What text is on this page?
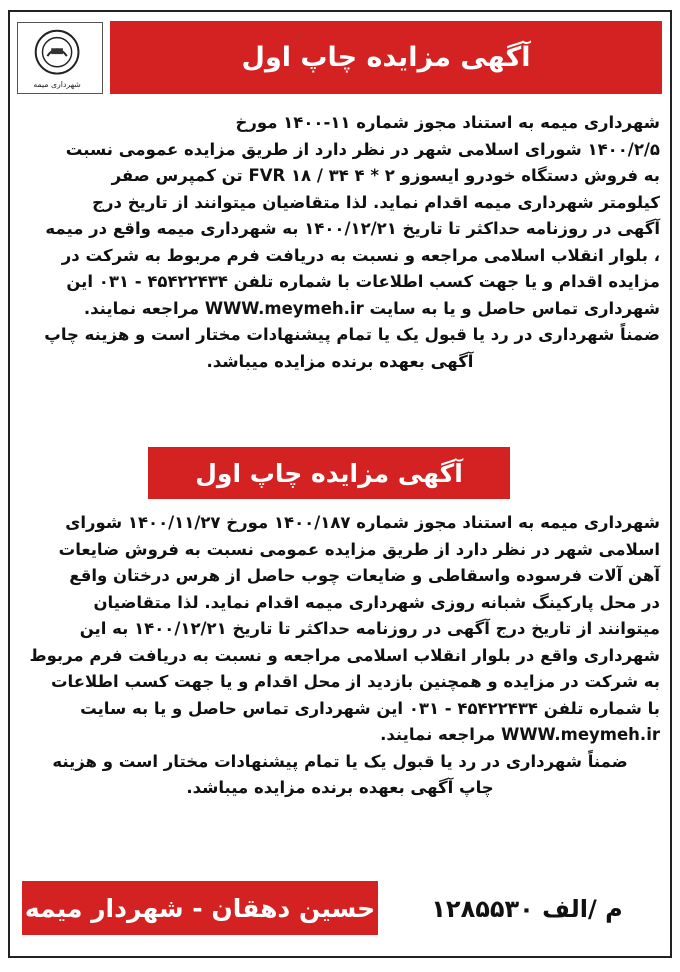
شهرداری میمه
آگهی مزایده چاپ اول
شهرداری میمه به استناد مجوز شماره ۱۱-۱۴۰۰ مورخ
۱۴۰۰/۲/۵ شورای اسلامی شهر در نظر دارد از طریق مزایده عمومی نسبت
به فروش دستگاه خودرو ایسوزو ۲ * ۴ ۳۴ / FVR ۱۸ تن کمپرس صفر
کیلومتر شهرداری میمه اقدام نماید. لذا متقاضیان میتوانند از تاریخ درج
آگهی در روزنامه حداکثر تا تاریخ ۱۴۰۰/۱۲/۲۱ به شهرداری میمه واقع در میمه
، بلوار انقلاب اسلامی مراجعه و نسبت به دریافت فرم مربوط به شرکت در
مزایده اقدام و یا جهت کسب اطلاعات با شماره تلفن ۴۵۴۲۲۴۳۴ - ۰۳۱ این
شهرداری تماس حاصل و یا به سایت WWW.meymeh.ir مراجعه نمایند.
ضمناً شهرداری در رد یا قبول یک یا تمام پیشنهادات مختار است و هزینه چاپ
آگهی بعهده برنده مزایده میباشد.
آگهی مزایده چاپ اول
شهرداری میمه به استناد مجوز شماره ۱۴۰۰/۱۸۷ مورخ ۱۴۰۰/۱۱/۲۷ شورای
اسلامی شهر در نظر دارد از طریق مزایده عمومی نسبت به فروش ضایعات
آهن آلات فرسوده واسقاطی و ضایعات چوب حاصل از هرس درختان واقع
در محل پارکینگ شبانه روزی شهرداری میمه اقدام نماید. لذا متقاضیان
میتوانند از تاریخ درج آگهی در روزنامه حداکثر تا تاریخ ۱۴۰۰/۱۲/۲۱ به این
شهرداری واقع در بلوار انقلاب اسلامی مراجعه و نسبت به دریافت فرم مربوط
به شرکت در مزایده و همچنین بازدید از محل اقدام و یا جهت کسب اطلاعات
با شماره تلفن ۴۵۴۲۲۴۳۴ - ۰۳۱ این شهرداری تماس حاصل و یا به سایت
WWW.meymeh.ir مراجعه نمایند.
ضمناً شهرداری در رد یا قبول یک یا تمام پیشنهادات مختار است و هزینه
چاپ آگهی بعهده برنده مزایده میباشد.
م /الف ۱۲۸۵۵۳۰
حسین دهقان - شهردار میمه
